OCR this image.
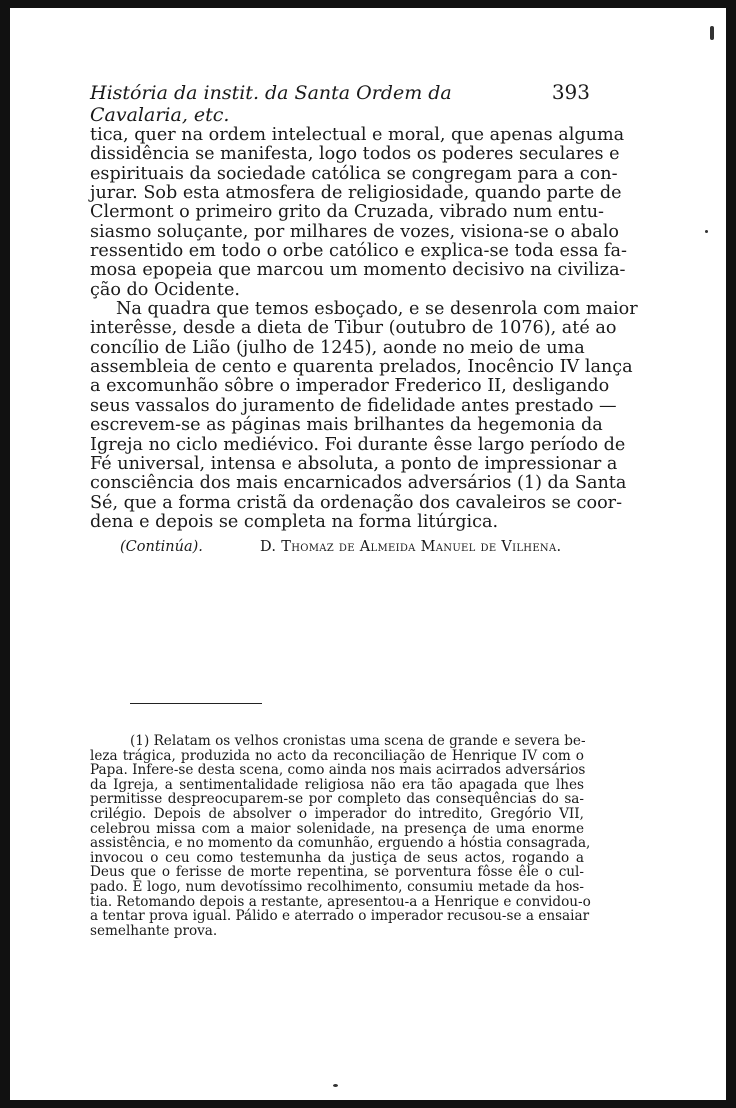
História da instit. da Santa Ordem da Cavalaria, etc.
393
tica, quer na ordem intelectual e moral, que apenas alguma
dissidência se manifesta, logo todos os poderes seculares e
espirituais da sociedade católica se congregam para a con-
jurar. Sob esta atmosfera de religiosidade, quando parte de
Clermont o primeiro grito da Cruzada, vibrado num entu-
siasmo soluçante, por milhares de vozes, visiona-se o abalo
ressentido em todo o orbe católico e explica-se toda essa fa-
mosa epopeia que marcou um momento decisivo na civiliza-
ção do Ocidente.
Na quadra que temos esboçado, e se desenrola com maior
interêsse, desde a dieta de Tibur (outubro de 1076), até ao
concílio de Lião (julho de 1245), aonde no meio de uma
assembleia de cento e quarenta prelados, Inocêncio IV lança
a excomunhão sôbre o imperador Frederico II, desligando
seus vassalos do juramento de fidelidade antes prestado —
escrevem-se as páginas mais brilhantes da hegemonia da
Igreja no ciclo mediévico. Foi durante êsse largo período de
Fé universal, intensa e absoluta, a ponto de impressionar a
consciência dos mais encarnicados adversários (1) da Santa
Sé, que a forma cristã da ordenação dos cavaleiros se coor-
dena e depois se completa na forma litúrgica.
(Continúa).	D. Thomaz de Almeida Manuel de Vilhena.
(1) Relatam os velhos cronistas uma scena de grande e severa be-
leza trágica, produzida no acto da reconciliação de Henrique IV com o
Papa. Infere-se desta scena, como ainda nos mais acirrados adversários
da Igreja, a sentimentalidade religiosa não era tão apagada que lhes
permitisse despreocuparem-se por completo das consequências do sa-
crilégio. Depois de absolver o imperador do intredito, Gregório VII,
celebrou missa com a maior solenidade, na presença de uma enorme
assistência, e no momento da comunhão, erguendo a hóstia consagrada,
invocou o ceu como testemunha da justiça de seus actos, rogando a
Deus que o ferisse de morte repentina, se porventura fôsse êle o cul-
pado. E logo, num devotíssimo recolhimento, consumiu metade da hos-
tia. Retomando depois a restante, apresentou-a a Henrique e convidou-o
a tentar prova igual. Pálido e aterrado o imperador recusou-se a ensaiar
semelhante prova.
